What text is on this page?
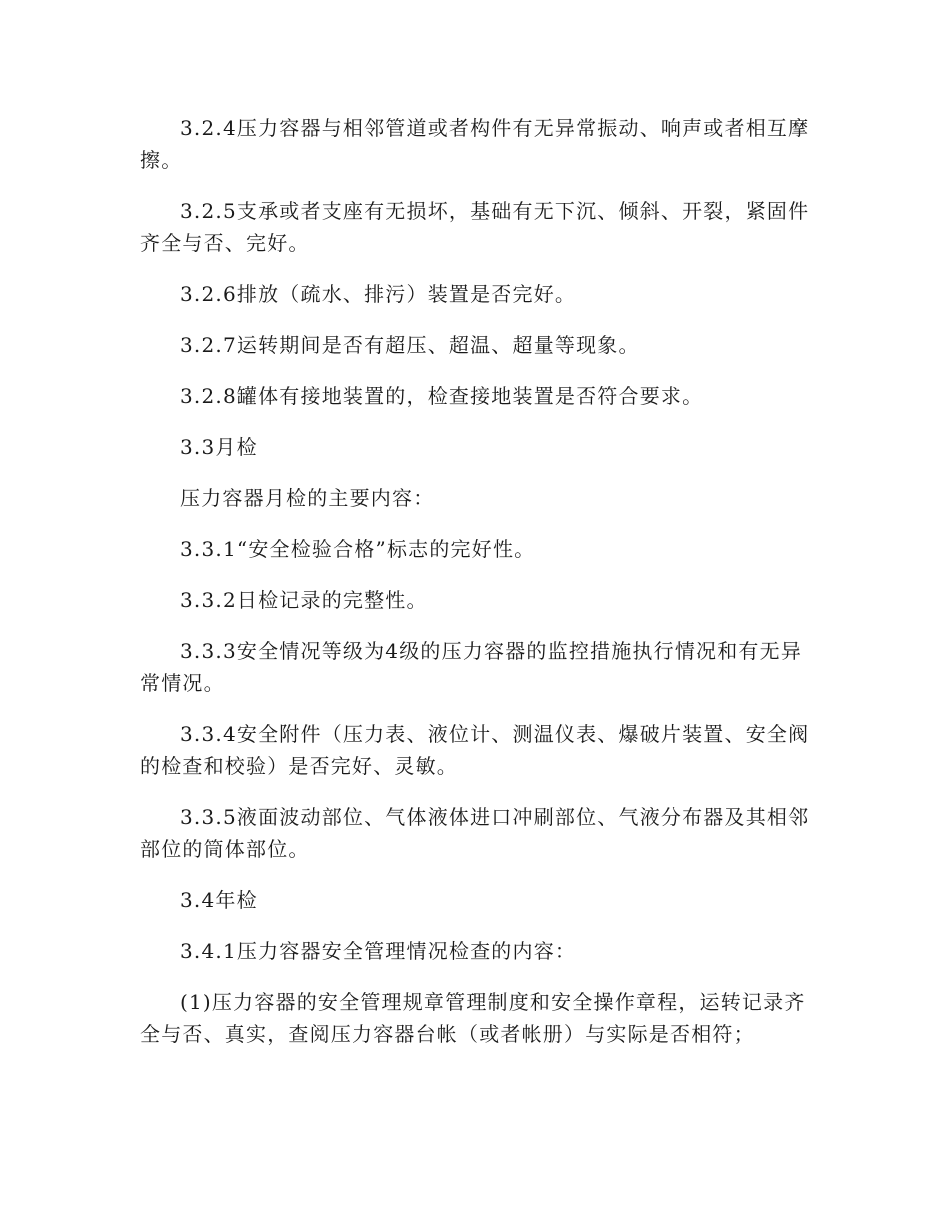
3.2.4压力容器与相邻管道或者构件有无异常振动、响声或者相互摩擦。

3.2.5支承或者支座有无损坏，基础有无下沉、倾斜、开裂，紧固件齐全与否、完好。

3.2.6排放（疏水、排污）装置是否完好。

3.2.7运转期间是否有超压、超温、超量等现象。

3.2.8罐体有接地装置的，检查接地装置是否符合要求。

3.3月检

压力容器月检的主要内容：

3.3.1“安全检验合格”标志的完好性。

3.3.2日检记录的完整性。

3.3.3安全情况等级为4级的压力容器的监控措施执行情况和有无异常情况。

3.3.4安全附件（压力表、液位计、测温仪表、爆破片装置、安全阀的检查和校验）是否完好、灵敏。

3.3.5液面波动部位、气体液体进口冲刷部位、气液分布器及其相邻部位的筒体部位。

3.4年检

3.4.1压力容器安全管理情况检查的内容：

(1)压力容器的安全管理规章管理制度和安全操作章程，运转记录齐全与否、真实，查阅压力容器台帐（或者帐册）与实际是否相符；
